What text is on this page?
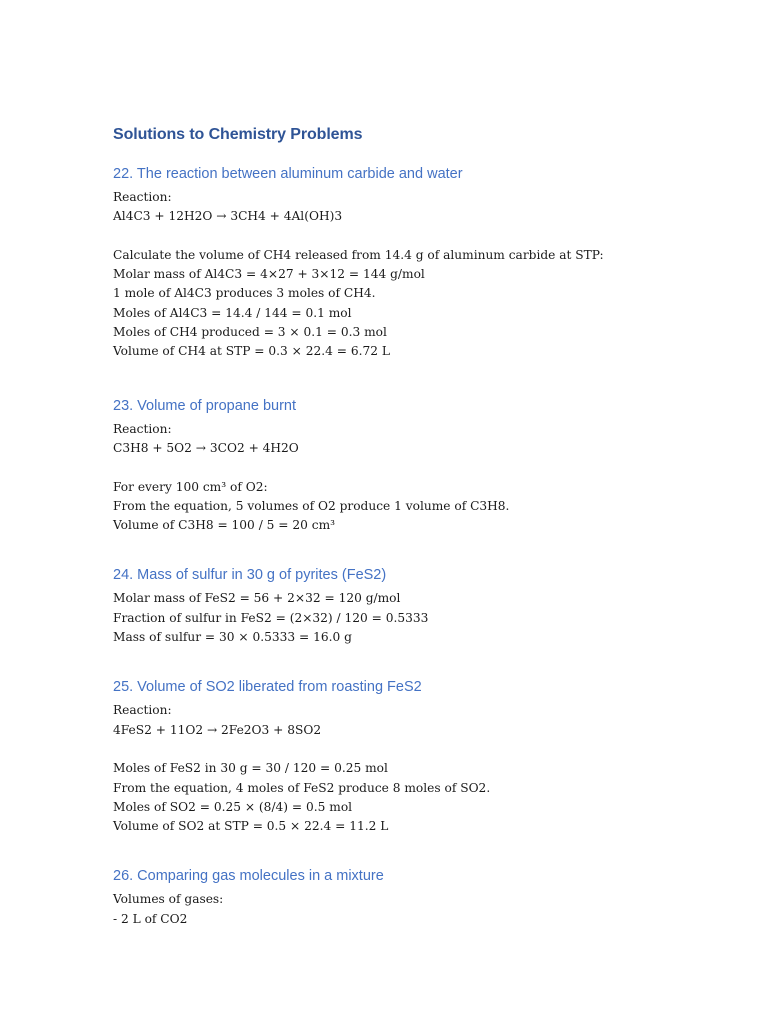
Solutions to Chemistry Problems
22. The reaction between aluminum carbide and water

Reaction:

Al4C3 + 12H2O → 3CH4 + 4Al(OH)3

Calculate the volume of CH4 released from 14.4 g of aluminum carbide at STP:

Molar mass of Al4C3 = 4×27 + 3×12 = 144 g/mol

1 mole of Al4C3 produces 3 moles of CH4.

Moles of Al4C3 = 14.4 / 144 = 0.1 mol

Moles of CH4 produced = 3 × 0.1 = 0.3 mol

Volume of CH4 at STP = 0.3 × 22.4 = 6.72 L

23. Volume of propane burnt

Reaction:

C3H8 + 5O2 → 3CO2 + 4H2O

For every 100 cm³ of O2:

From the equation, 5 volumes of O2 produce 1 volume of C3H8.

Volume of C3H8 = 100 / 5 = 20 cm³

24. Mass of sulfur in 30 g of pyrites (FeS2)

Molar mass of FeS2 = 56 + 2×32 = 120 g/mol

Fraction of sulfur in FeS2 = (2×32) / 120 = 0.5333

Mass of sulfur = 30 × 0.5333 = 16.0 g

25. Volume of SO2 liberated from roasting FeS2

Reaction:

4FeS2 + 11O2 → 2Fe2O3 + 8SO2

Moles of FeS2 in 30 g = 30 / 120 = 0.25 mol

From the equation, 4 moles of FeS2 produce 8 moles of SO2.

Moles of SO2 = 0.25 × (8/4) = 0.5 mol

Volume of SO2 at STP = 0.5 × 22.4 = 11.2 L

26. Comparing gas molecules in a mixture

Volumes of gases:

- 2 L of CO2
